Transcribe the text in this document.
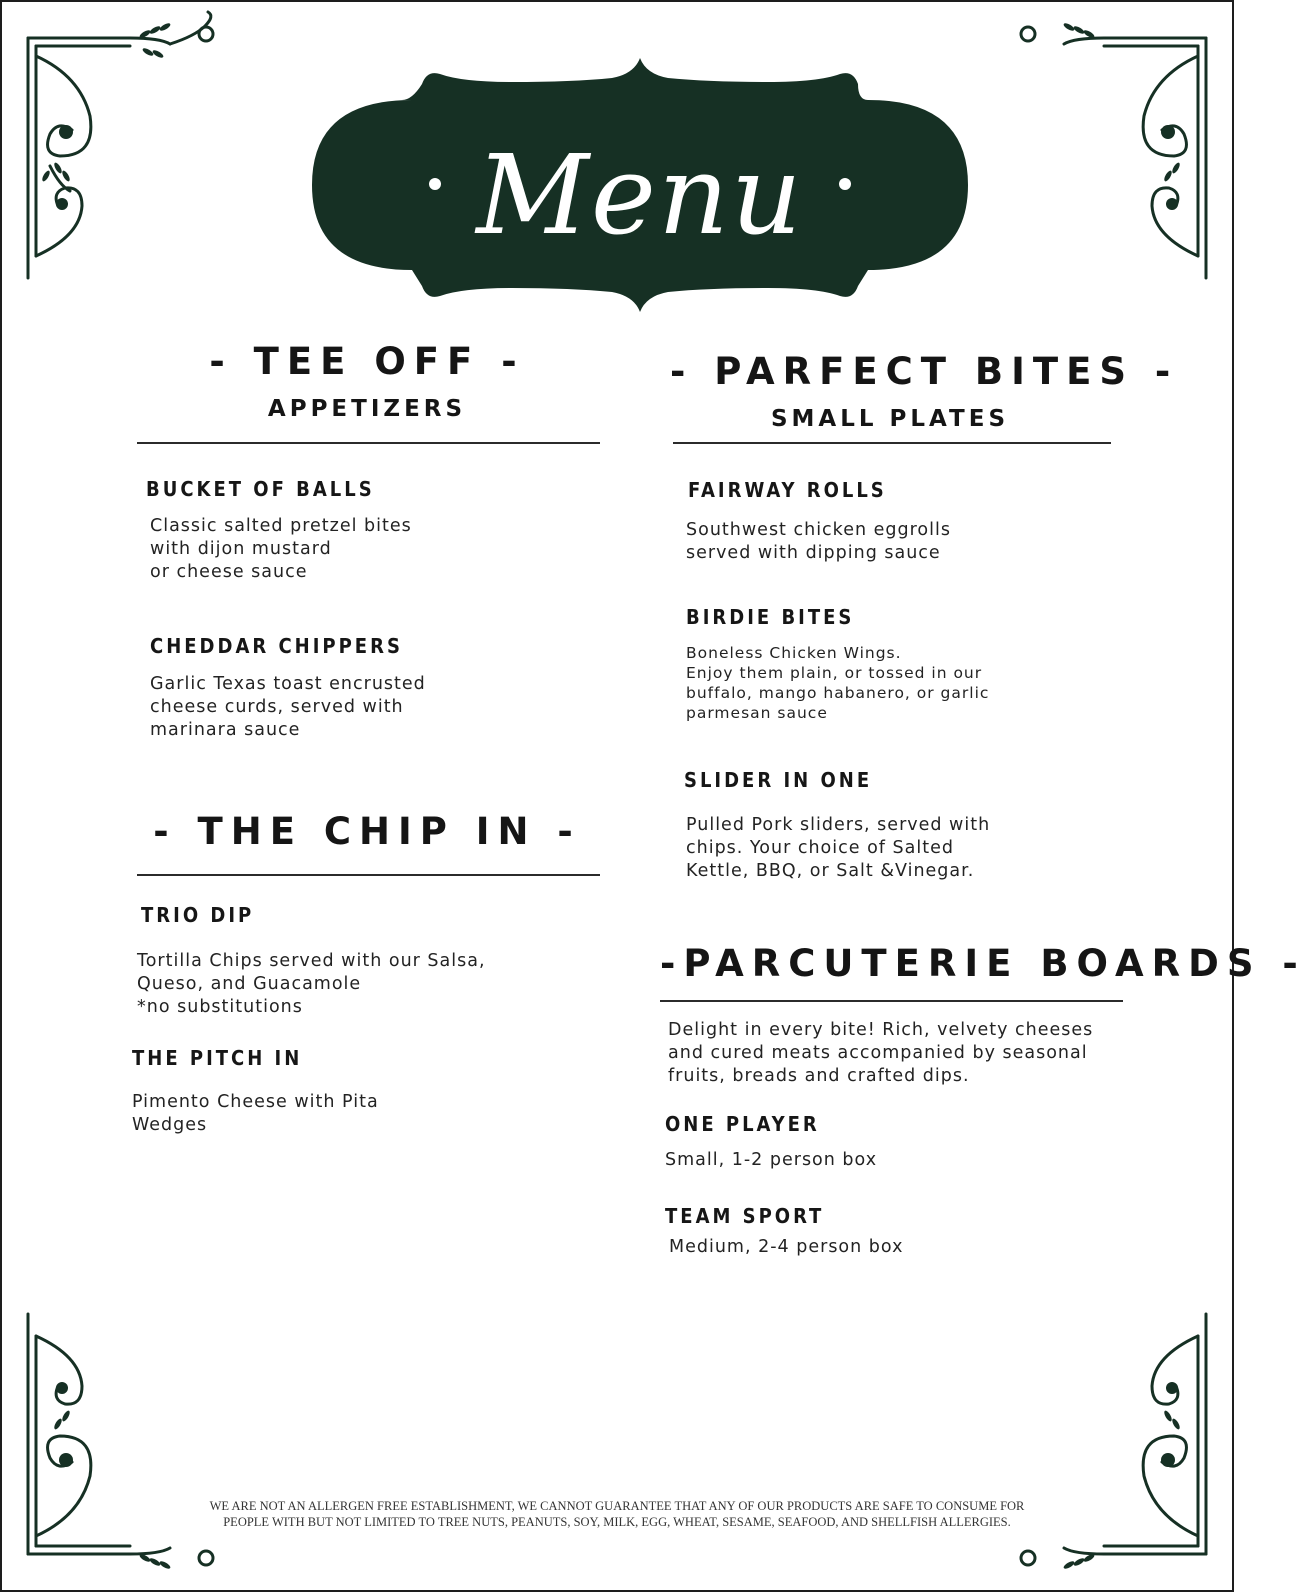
Menu
- TEE OFF -
APPETIZERS
BUCKET OF BALLS
Classic salted pretzel bites
with dijon mustard
or cheese sauce
CHEDDAR CHIPPERS
Garlic Texas toast encrusted
cheese curds, served with
marinara sauce
- THE CHIP IN -
TRIO DIP
Tortilla Chips served with our Salsa,
Queso, and Guacamole
*no substitutions
THE PITCH IN
Pimento Cheese with Pita
Wedges
- PARFECT BITES -
SMALL PLATES
FAIRWAY ROLLS
Southwest chicken eggrolls
served with dipping sauce
BIRDIE BITES
Boneless Chicken Wings.
Enjoy them plain, or tossed in our
buffalo, mango habanero, or garlic
parmesan sauce
SLIDER IN ONE
Pulled Pork sliders, served with
chips. Your choice of Salted
Kettle, BBQ, or Salt &Vinegar.
-PARCUTERIE BOARDS -
Delight in every bite! Rich, velvety cheeses
and cured meats accompanied by seasonal
fruits, breads and crafted dips.
ONE PLAYER
Small, 1-2 person box
TEAM SPORT
Medium, 2-4 person box
WE ARE NOT AN ALLERGEN FREE ESTABLISHMENT, WE CANNOT GUARANTEE THAT ANY OF OUR PRODUCTS ARE SAFE TO CONSUME FOR
PEOPLE WITH BUT NOT LIMITED TO TREE NUTS, PEANUTS, SOY, MILK, EGG, WHEAT, SESAME, SEAFOOD, AND SHELLFISH ALLERGIES.
